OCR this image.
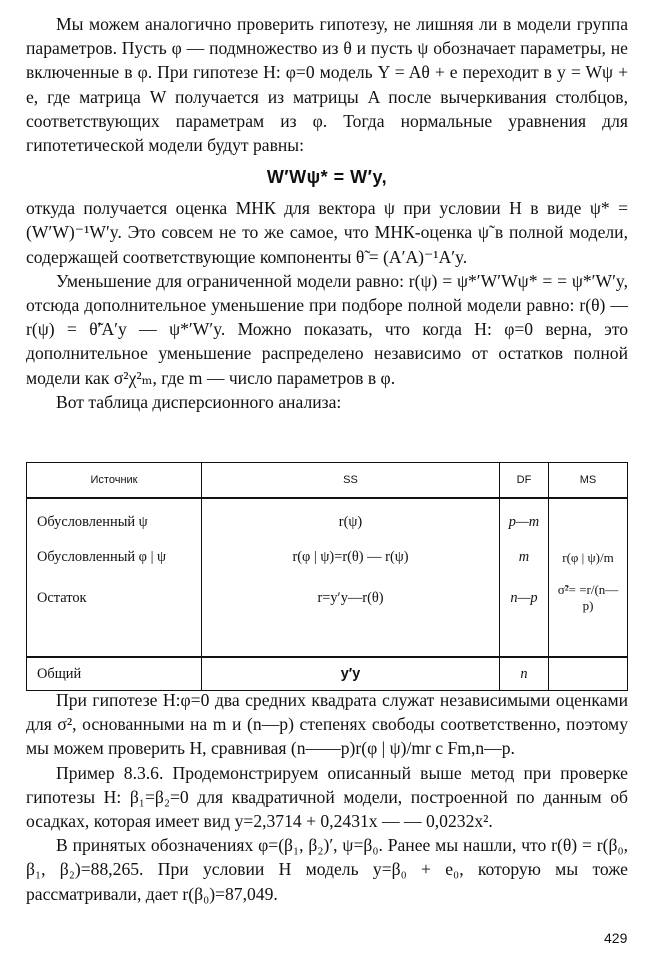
Мы можем аналогично проверить гипотезу, не лишняя ли в модели группа параметров. Пусть φ — подмножество из θ и пусть ψ обозначает параметры, не включенные в φ. При гипотезе H: φ=0 модель Y = Aθ + e переходит в y = Wψ + e, где матрица W получается из матрицы A после вычеркивания столбцов, соответствующих параметрам из φ. Тогда нормальные уравнения для гипотетической модели будут равны:

W′Wψ* = W′y,

откуда получается оценка МНК для вектора ψ при условии H в виде ψ* = (W′W)⁻¹W′y. Это совсем не то же самое, что МНК-оценка ψ̃ в полной модели, содержащей соответствующие компоненты θ̃ = (A′A)⁻¹A′y.

Уменьшение для ограниченной модели равно: r(ψ) = ψ*′W′Wψ* = = ψ*′W′y, отсюда дополнительное уменьшение при подборе полной модели равно: r(θ) — r(ψ) = θ̃′A′y — ψ*′W′y. Можно показать, что когда H: φ=0 верна, это дополнительное уменьшение распределено независимо от остатков полной модели как σ²χ²ₘ, где m — число параметров в φ.

Вот таблица дисперсионного анализа:

Источник	SS	DF	MS
Обусловленный ψ	r(ψ)	p—m	
Обусловленный φ | ψ	r(φ | ψ)=r(θ) — r(ψ)	m	r(φ | ψ)/m
Остаток	r=y′y—r(θ)	n—p	σ̃²= =r/(n—p)

Общий	y′y	n	

При гипотезе H:φ=0 два средних квадрата служат независимыми оценками для σ², основанными на m и (n—p) степенях свободы соответственно, поэтому мы можем проверить H, сравнивая (n——p)r(φ | ψ)/mr с Fm,n—p.

Пример 8.3.6. Продемонстрируем описанный выше метод при проверке гипотезы H: β₁=β₂=0 для квадратичной модели, построенной по данным об осадках, которая имеет вид y=2,3714 + 0,2431x — — 0,0232x².

В принятых обозначениях φ=(β₁, β₂)′, ψ=β₀. Ранее мы нашли, что r(θ) = r(β₀, β₁, β₂)=88,265. При условии H модель y=β₀ + e₀, которую мы тоже рассматривали, дает r(β₀)=87,049.

429
